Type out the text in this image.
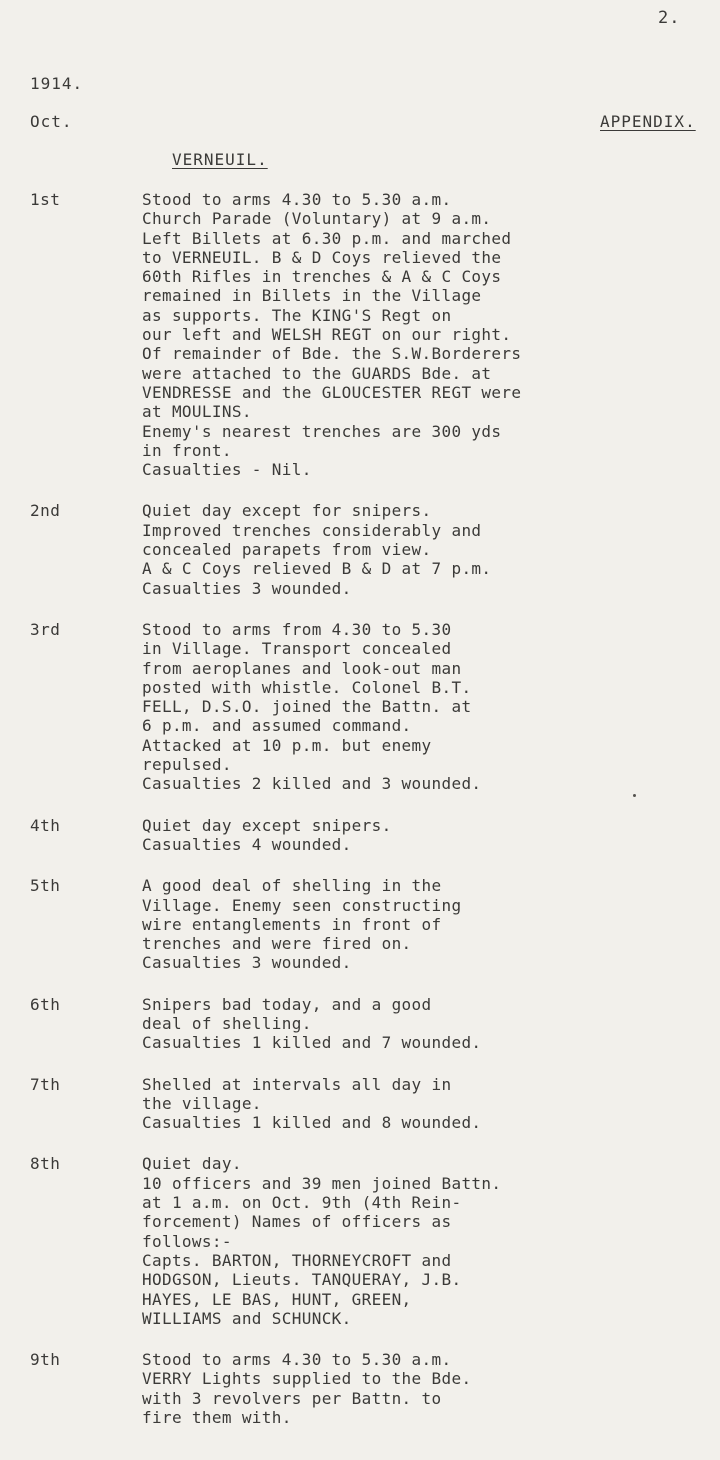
2.
1914.
Oct.	APPENDIX.
VERNEUIL.
1st	Stood to arms 4.30 to 5.30 a.m.
Church Parade (Voluntary) at 9 a.m.
Left Billets at 6.30 p.m. and marched
to VERNEUIL. B & D Coys relieved the
60th Rifles in trenches & A & C Coys
remained in Billets in the Village
as supports. The KING'S Regt on
our left and WELSH REGT on our right.
Of remainder of Bde. the S.W.Borderers
were attached to the GUARDS Bde. at
VENDRESSE and the GLOUCESTER REGT were
at MOULINS.
Enemy's nearest trenches are 300 yds
in front.
Casualties - Nil.
2nd	Quiet day except for snipers.
Improved trenches considerably and
concealed parapets from view.
A & C Coys relieved B & D at 7 p.m.
Casualties 3 wounded.
3rd	Stood to arms from 4.30 to 5.30
in Village. Transport concealed
from aeroplanes and look-out man
posted with whistle. Colonel B.T.
FELL, D.S.O. joined the Battn. at
6 p.m. and assumed command.
Attacked at 10 p.m. but enemy
repulsed.
Casualties 2 killed and 3 wounded.
4th	Quiet day except snipers.
Casualties 4 wounded.
5th	A good deal of shelling in the
Village. Enemy seen constructing
wire entanglements in front of
trenches and were fired on.
Casualties 3 wounded.
6th	Snipers bad today, and a good
deal of shelling.
Casualties 1 killed and 7 wounded.
7th	Shelled at intervals all day in
the village.
Casualties 1 killed and 8 wounded.
8th	Quiet day.
10 officers and 39 men joined Battn.
at 1 a.m. on Oct. 9th (4th Rein-
forcement) Names of officers as
follows:-
Capts. BARTON, THORNEYCROFT and
HODGSON, Lieuts. TANQUERAY, J.B.
HAYES, LE BAS, HUNT, GREEN,
WILLIAMS and SCHUNCK.
9th	Stood to arms 4.30 to 5.30 a.m.
VERRY Lights supplied to the Bde.
with 3 revolvers per Battn. to
fire them with.
